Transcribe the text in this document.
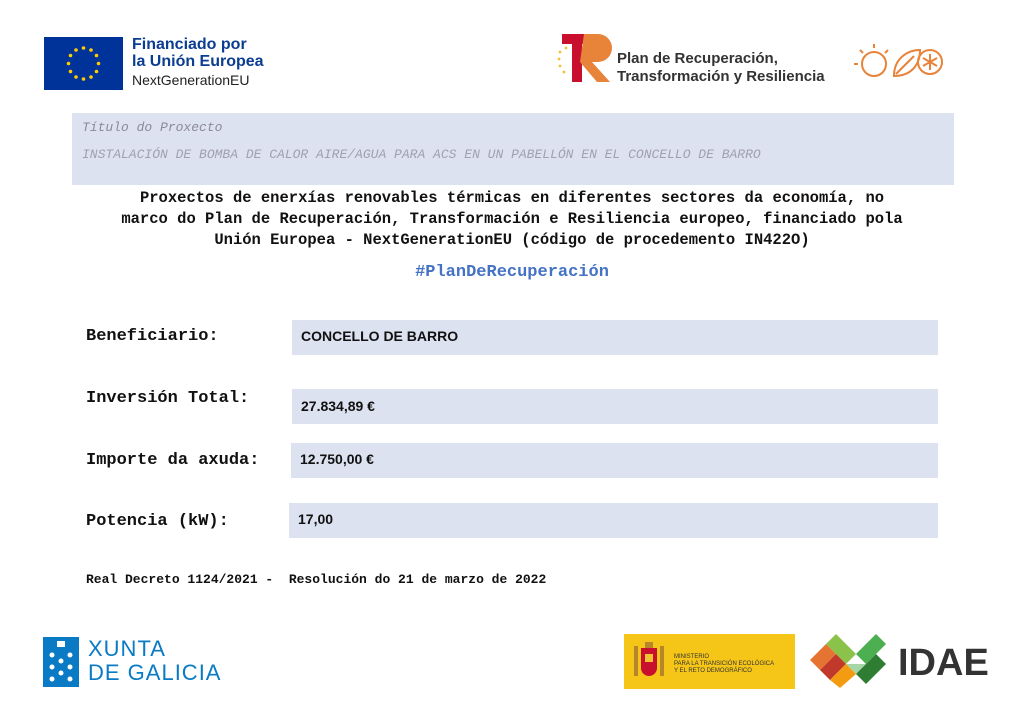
Financiado por
la Unión Europea
NextGenerationEU
Plan de Recuperación,
Transformación y Resiliencia
Título do Proxecto
INSTALACIÓN DE BOMBA DE CALOR AIRE/AGUA PARA ACS EN UN PABELLÓN EN EL CONCELLO DE BARRO
Proxectos de enerxías renovables térmicas en diferentes sectores da economía, no
marco do Plan de Recuperación, Transformación e Resiliencia europeo, financiado pola
Unión Europea - NextGenerationEU (código de procedemento IN422O)
#PlanDeRecuperación
Beneficiario:	CONCELLO DE BARRO
Inversión Total:	27.834,89 €
Importe da axuda:	12.750,00 €
Potencia (kW):	17,00
Real Decreto 1124/2021 -  Resolución do 21 de marzo de 2022
XUNTA
DE GALICIA
MINISTERIO
PARA LA TRANSICIÓN ECOLÓGICA
Y EL RETO DEMOGRÁFICO	IDAE
